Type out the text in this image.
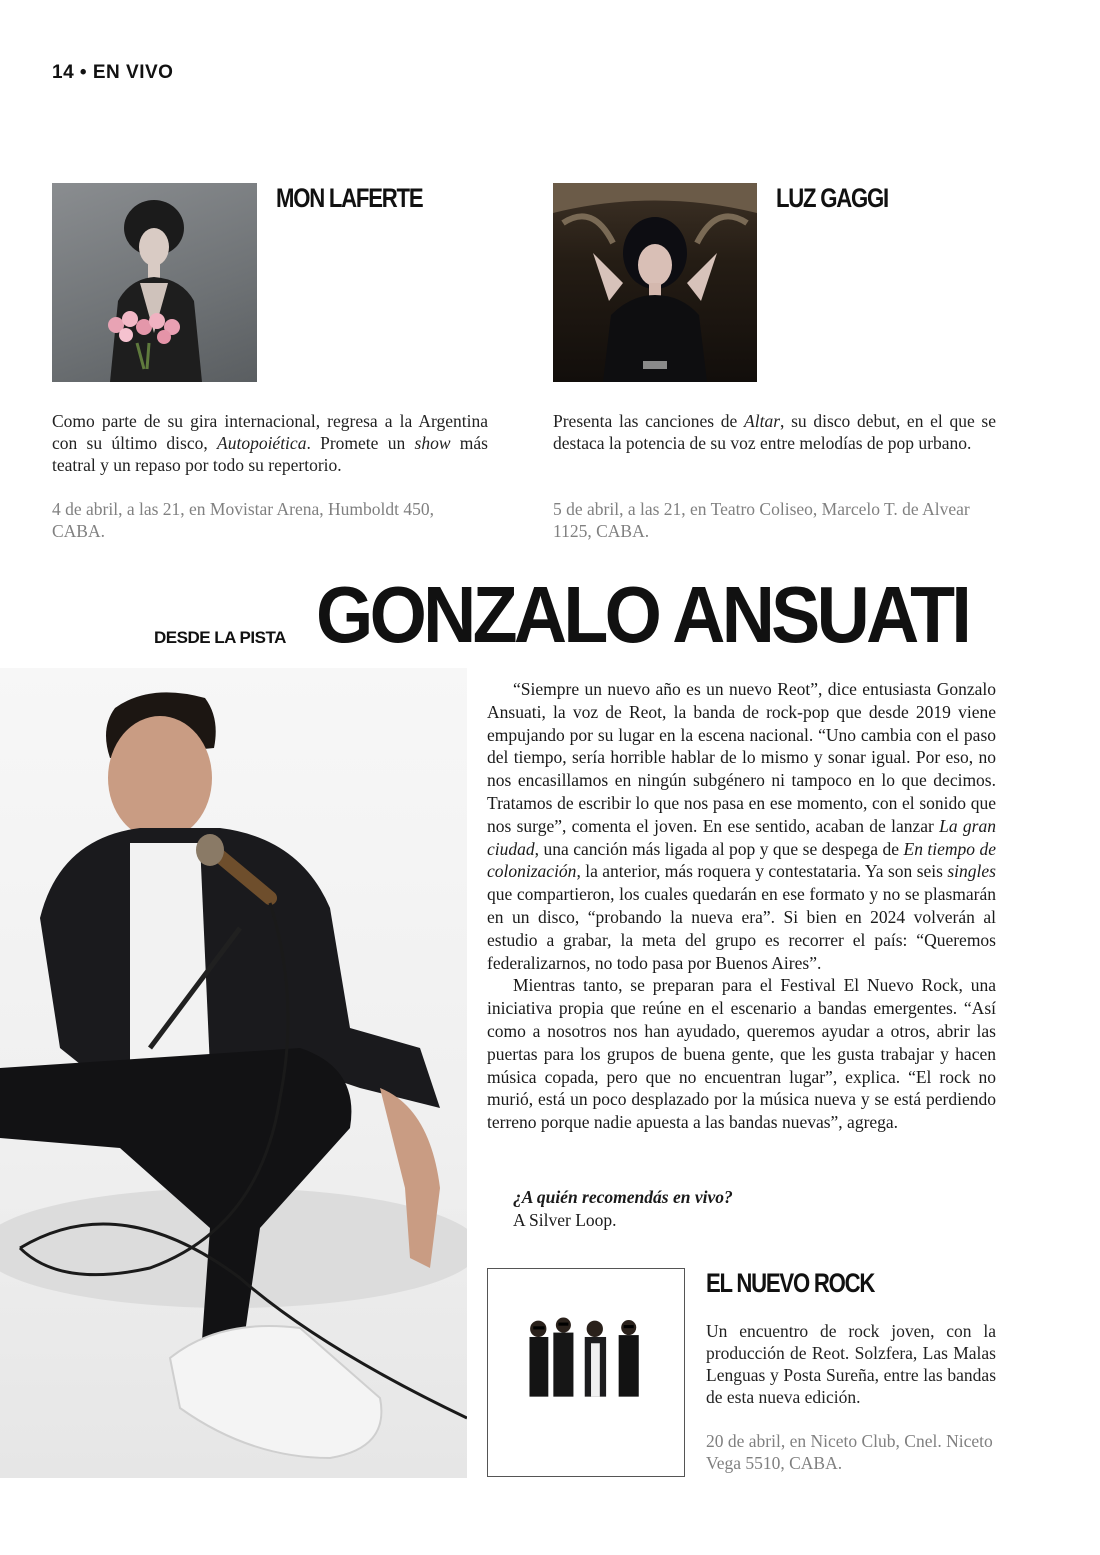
14 • EN VIVO
MON LAFERTE
Como parte de su gira internacional, regresa a la Argentina con su último disco, Autopoiética. Promete un show más teatral y un repaso por todo su repertorio.
4 de abril, a las 21, en Movistar Arena, Humboldt 450, CABA.
LUZ GAGGI
Presenta las canciones de Altar, su disco debut, en el que se destaca la potencia de su voz entre melodías de pop urbano.
5 de abril, a las 21, en Teatro Coliseo, Marcelo T. de Alvear 1125, CABA.
DESDE LA PISTA GONZALO ANSUATI

“Siempre un nuevo año es un nuevo Reot”, dice entusiasta Gonzalo Ansuati, la voz de Reot, la banda de rock-pop que desde 2019 viene empujando por su lugar en la escena nacional. “Uno cambia con el paso del tiempo, sería horrible hablar de lo mismo y sonar igual. Por eso, no nos encasillamos en ningún subgénero ni tampoco en lo que decimos. Tratamos de escribir lo que nos pasa en ese momento, con el sonido que nos surge”, comenta el joven. En ese sentido, acaban de lanzar La gran ciudad, una canción más ligada al pop y que se despega de En tiempo de colonización, la anterior, más roquera y contestataria. Ya son seis singles que compartieron, los cuales quedarán en ese formato y no se plasmarán en un disco, “probando la nueva era”. Si bien en 2024 volverán al estudio a grabar, la meta del grupo es recorrer el país: “Queremos federalizarnos, no todo pasa por Buenos Aires”.

Mientras tanto, se preparan para el Festival El Nuevo Rock, una iniciativa propia que reúne en el escenario a bandas emergentes. “Así como a nosotros nos han ayudado, queremos ayudar a otros, abrir las puertas para los grupos de buena gente, que les gusta trabajar y hacen música copada, pero que no encuentran lugar”, explica. “El rock no murió, está un poco desplazado por la música nueva y se está perdiendo terreno porque nadie apuesta a las bandas nuevas”, agrega.

¿A quién recomendás en vivo?
A Silver Loop.
EL NUEVO ROCK
Un encuentro de rock joven, con la producción de Reot. Solzfera, Las Malas Lenguas y Posta Sureña, entre las bandas de esta nueva edición.
20 de abril, en Niceto Club, Cnel. Niceto Vega 5510, CABA.
